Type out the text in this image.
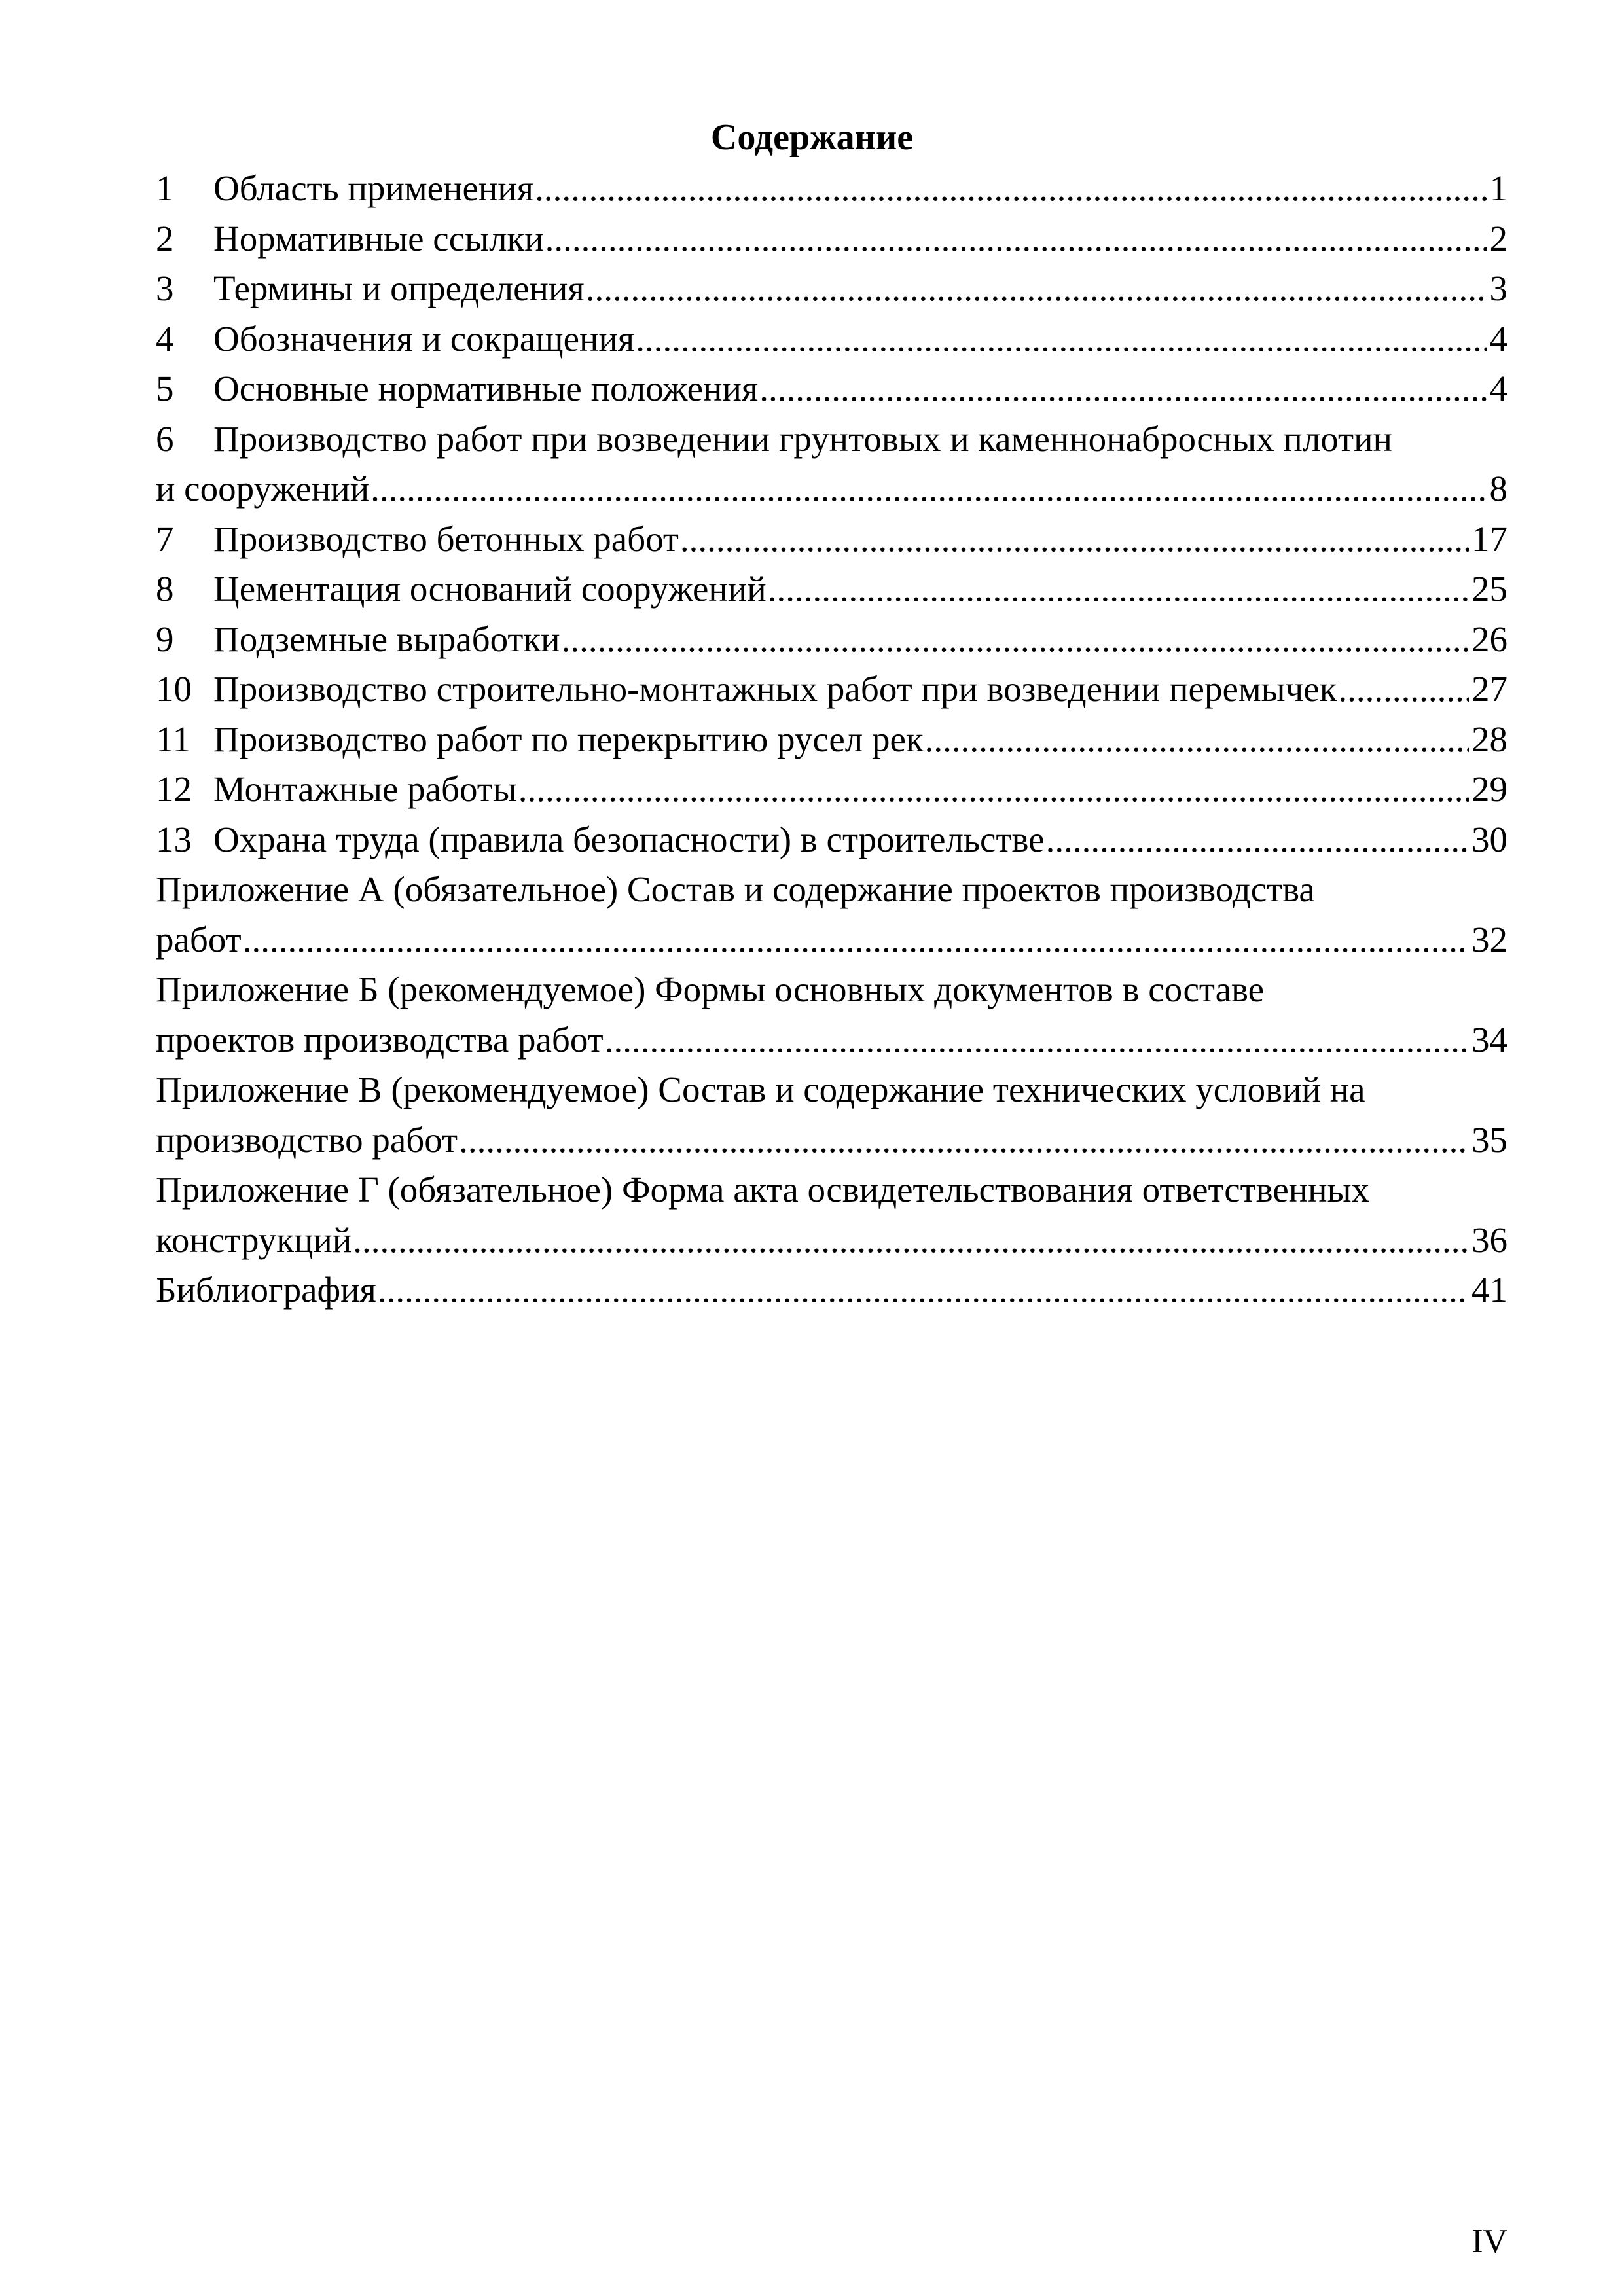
Содержание
1	Область применения .....	1
2	Нормативные ссылки .....	2
3	Термины и определения .....	3
4	Обозначения и сокращения .....	4
5	Основные нормативные положения .....	4
6 Производство работ при возведении грунтовых и каменнонабросных плотин
и сооружений .....	8
7	Производство бетонных работ .....	17
8	Цементация оснований сооружений .....	25
9	Подземные выработки .....	26
10 Производство строительно-монтажных работ при возведении перемычек .....	27
11 Производство работ по перекрытию русел рек .....	28
12 Монтажные работы .....	29
13 Охрана труда (правила безопасности) в строительстве .....	30
Приложение А (обязательное) Состав и содержание проектов производства
работ .....	32
Приложение Б (рекомендуемое) Формы основных документов в составе
проектов производства работ .....	34
Приложение В (рекомендуемое) Состав и содержание технических условий на
производство работ .....	35
Приложение Г (обязательное) Форма акта освидетельствования ответственных
конструкций .....	36
Библиография .....	41
IV
